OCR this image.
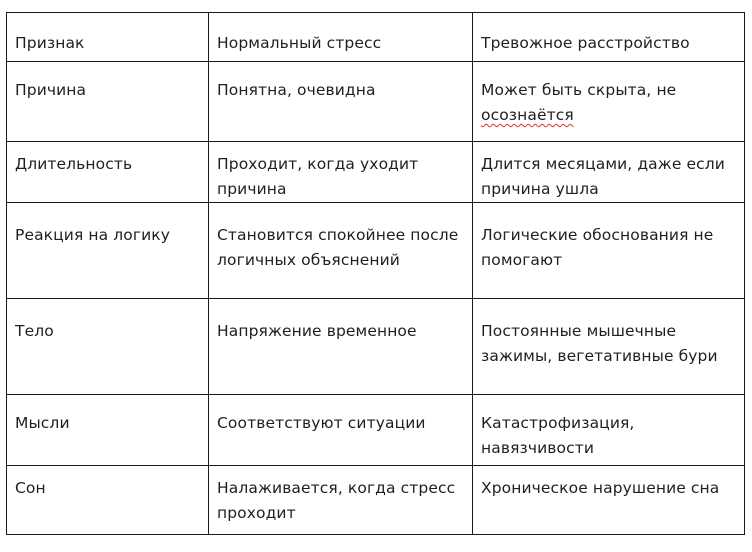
Признак	Нормальный стресс	Тревожное расстройство

Причина	Понятна, очевидна	Может быть скрыта, не осознаётся

Длительность	Проходит, когда уходит причина	Длится месяцами, даже если причина ушла

Реакция на логику	Становится спокойнее после логичных объяснений	Логические обоснования не помогают

Тело	Напряжение временное	Постоянные мышечные зажимы, вегетативные бури

Мысли	Соответствуют ситуации	Катастрофизация, навязчивости

Сон	Налаживается, когда стресс проходит	Хроническое нарушение сна
